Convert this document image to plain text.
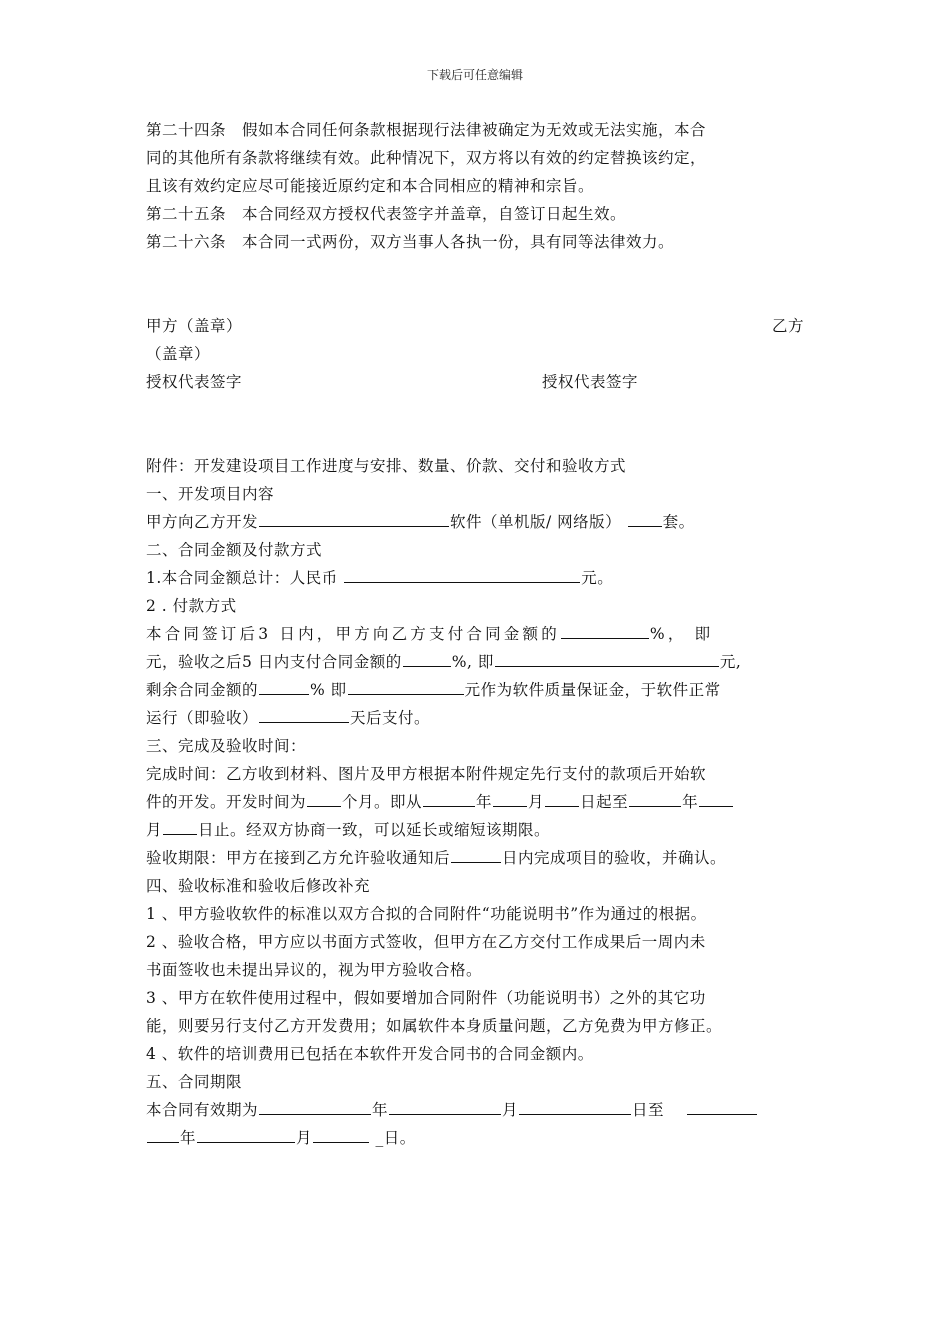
下载后可任意编辑
第二十四条　假如本合同任何条款根据现行法律被确定为无效或无法实施，本合
同的其他所有条款将继续有效。此种情况下，双方将以有效的约定替换该约定，
且该有效约定应尽可能接近原约定和本合同相应的精神和宗旨。
第二十五条　本合同经双方授权代表签字并盖章，自签订日起生效。
第二十六条　本合同一式两份，双方当事人各执一份，具有同等法律效力。
甲方（盖章）	乙方
（盖章）
授权代表签字	授权代表签字
附件：开发建设项目工作进度与安排、数量、价款、交付和验收方式
一、开发项目内容
甲方向乙方开发	软件（单机版/ 网络版）	套。
二、合同金额及付款方式
1.本合同金额总计：人民币	元。
2 . 付款方式
本合同签订后3 日内，甲方向乙方支付合同金额的	%， 即
元，验收之后5 日内支付合同金额的	%, 即	元,
剩余合同金额的	% 即	元作为软件质量保证金，于软件正常
运行（即验收）	天后支付。
三、完成及验收时间：
完成时间：乙方收到材料、图片及甲方根据本附件规定先行支付的款项后开始软
件的开发。开发时间为 个月。即从	年 月 日起至	年
月 日止。经双方协商一致，可以延长或缩短该期限。
验收期限：甲方在接到乙方允许验收通知后	日内完成项目的验收，并确认。
四、验收标准和验收后修改补充
1 、甲方验收软件的标准以双方合拟的合同附件“功能说明书”作为通过的根据。
2 、验收合格，甲方应以书面方式签收，但甲方在乙方交付工作成果后一周内未
书面签收也未提出异议的，视为甲方验收合格。
3 、甲方在软件使用过程中，假如要增加合同附件（功能说明书）之外的其它功
能，则要另行支付乙方开发费用；如属软件本身质量问题，乙方免费为甲方修正。
4 、软件的培训费用已包括在本软件开发合同书的合同金额内。
五、合同期限
本合同有效期为	年	月	日至
年	月	_日。
